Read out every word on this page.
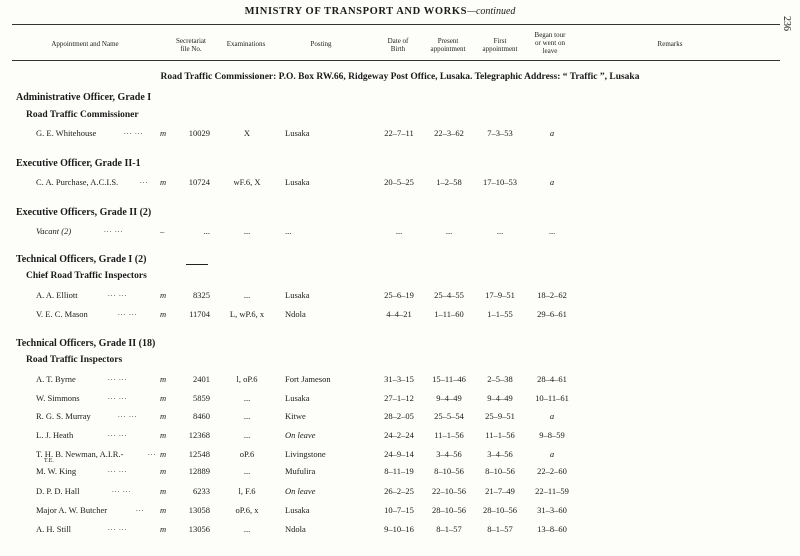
MINISTRY OF TRANSPORT AND WORKS—continued
236
Appointment and Name	Secretariat
file No.
Examinations	Posting	Date of
Birth
Present
appointment
First
appointment
Began tour
or went on
leave
Remarks
Road Traffic Commissioner: P.O. Box RW.66, Ridgeway Post Office, Lusaka. Telegraphic Address: “ Traffic ”, Lusaka
Administrative Officer, Grade I
Road Traffic Commissioner
G. E. Whitehouse	... ... m	10029	X	Lusaka	22–7–11	22–3–62	7–3–53	a
Executive Officer, Grade II-1
C. A. Purchase, A.C.I.S.	... m	10724	wF.6, X	Lusaka	20–5–25	1–2–58	17–10–53	a
Executive Officers, Grade II (2)
Vacant (2)	... ...	–	...	...	...	...	...	...	...
Technical Officers, Grade I (2)
Chief Road Traffic Inspectors
A. A. Elliott	... ...	m	8325	...	Lusaka	25–6–19	25–4–55	17–9–51	18–2–62
V. E. C. Mason	... ...	m	11704	L, wP.6, x	Ndola	4–4–21	1–11–60	1–1–55	29–6–61
Technical Officers, Grade II (18)
Road Traffic Inspectors
A. T. Byrne	... ...	m	2401	l, oP.6	Fort Jameson	31–3–15	15–11–46	2–5–38	28–4–61
W. Simmons	... ...	m	5859	...	Lusaka	27–1–12	9–4–49	9–4–49	10–11–61
R. G. S. Murray	... ...	m	8460	...	Kitwe	28–2–05	25–5–54	25–9–51	a
L. J. Heath	... ...	m	12368	...	On leave	24–2–24	11–1–56	11–1–56	9–8–59
T. H. B. Newman, A.I.R.-	... m	12548	oP.6	Livingstone	24–9–14	3–4–56	3–4–56	a
T.E.
M. W. King	... ...	m	12889	...	Mufulira	8–11–19	8–10–56	8–10–56	22–2–60
D. P. D. Hall	... ...	m	6233	l, F.6	On leave	26–2–25	22–10–56	21–7–49	22–11–59
Major A. W. Butcher	... m	13058	oP.6, x	Lusaka	10–7–15	28–10–56	28–10–56	31–3–60
A. H. Still	... ...	m	13056	...	Ndola	9–10–16	8–1–57	8–1–57	13–8–60
